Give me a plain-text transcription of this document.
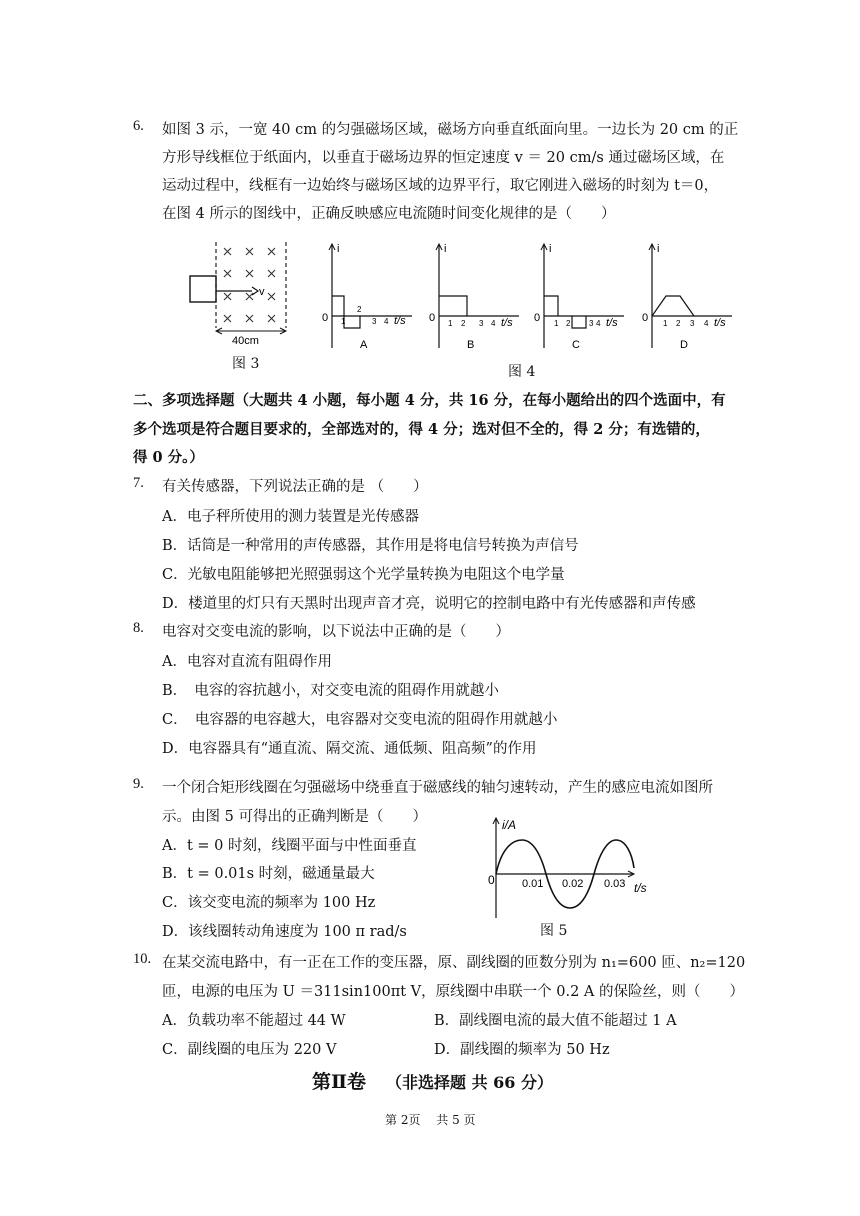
6. 如图 3 示，一宽 40 cm 的匀强磁场区域，磁场方向垂直纸面向里。一边长为 20 cm 的正
方形导线框位于纸面内，以垂直于磁场边界的恒定速度 v ＝ 20 cm/s 通过磁场区域，在
运动过程中，线框有一边始终与磁场区域的边界平行，取它刚进入磁场的时刻为 t＝0，
在图 4 所示的图线中，正确反映感应电流随时间变化规律的是（　　）
v
40cm
图 3
i
0 1
2
3 4 t/s
A
i
0 1 2 3 4 t/s
B
i
0 1 2 3 4 t/s
C
i
0 1 2 3 4 t/s
D
图 4
二、多项选择题（大题共 4 小题，每小题 4 分，共 16 分，在每小题给出的四个选面中，有
多个选项是符合题目要求的，全部选对的，得 4 分；选对但不全的，得 2 分；有选错的，
得 0 分。）
7. 有关传感器，下列说法正确的是 （　　）
A．电子秤所使用的测力装置是光传感器
B．话筒是一种常用的声传感器，其作用是将电信号转换为声信号
C．光敏电阻能够把光照强弱这个光学量转换为电阻这个电学量
D．楼道里的灯只有天黑时出现声音才亮，说明它的控制电路中有光传感器和声传感
8. 电容对交变电流的影响，以下说法中正确的是（　　）
A．电容对直流有阻碍作用
B．　电容的容抗越小，对交变电流的阻碍作用就越小
C．　电容器的电容越大，电容器对交变电流的阻碍作用就越小
D．电容器具有“通直流、隔交流、通低频、阻高频”的作用
9. 一个闭合矩形线圈在匀强磁场中绕垂直于磁感线的轴匀速转动，产生的感应电流如图所
示。由图 5 可得出的正确判断是（　　）
A．t = 0 时刻，线圈平面与中性面垂直
B．t = 0.01s 时刻，磁通量最大
C．该交变电流的频率为 100 Hz
D．该线圈转动角速度为 100 π rad/s
i/A
0 0.01 0.02 0.03 t/s
图 5
10. 在某交流电路中，有一正在工作的变压器，原、副线圈的匝数分别为 n₁=600 匝、n₂=120
匝，电源的电压为 U ＝311sin100πt V，原线圈中串联一个 0.2 A 的保险丝，则（　　）
A．负载功率不能超过 44 W	B．副线圈电流的最大值不能超过 1 A
C．副线圈的电压为 220 V	D．副线圈的频率为 50 Hz
第Ⅱ卷 （非选择题 共 66 分）
第 2页　 共 5 页
